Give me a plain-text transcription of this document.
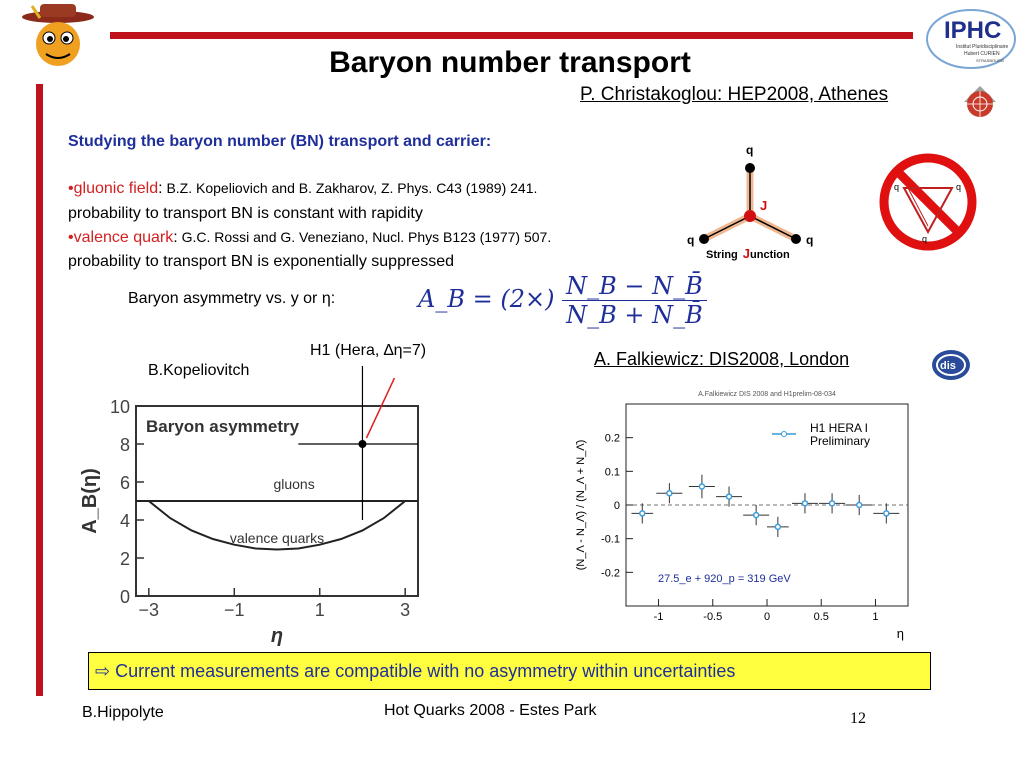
IPHC
Institut Pluridisciplinaire
Hubert CURIEN
STRASBOURG
Baryon number transport
P. Christakoglou: HEP2008, Athenes
Studying the baryon number (BN) transport and carrier:
•gluonic field: B.Z. Kopeliovich and B. Zakharov, Z. Phys. C43 (1989) 241.
probability to transport BN is constant with rapidity
•valence quark: G.C. Rossi and G. Veneziano, Nucl. Phys B123 (1977) 507.
probability to transport BN is exponentially suppressed
q
q	q
J
String Junction
q	q
q
Baryon asymmetry vs. y or η:	A_B = $(2\times) \frac{N\_B - N\_B̄}{N\_B + N\_B̄}$
H1 (Hera, ∆η=7)
B.Kopeliovitch
A. Falkiewicz: DIS2008, London	dis
0
2
4
6
8
10
−3	−1	1	3
Baryon asymmetry
A_B(η)
η
gluons
valence quarks
A.Falkiewicz DIS 2008 and H1prelim-08-034
-0.2
-0.1
0
0.1
0.2
-1	-0.5	0	0.5	1
(N_Λ - N_Λ̄) / (N_Λ + N_Λ̄)
η
H1 HERA I
Preliminary
27.5_e + 920_p = 319 GeV
⇨ Current measurements are compatible with no asymmetry within uncertainties
B.Hippolyte	Hot Quarks 2008 - Estes Park	12
